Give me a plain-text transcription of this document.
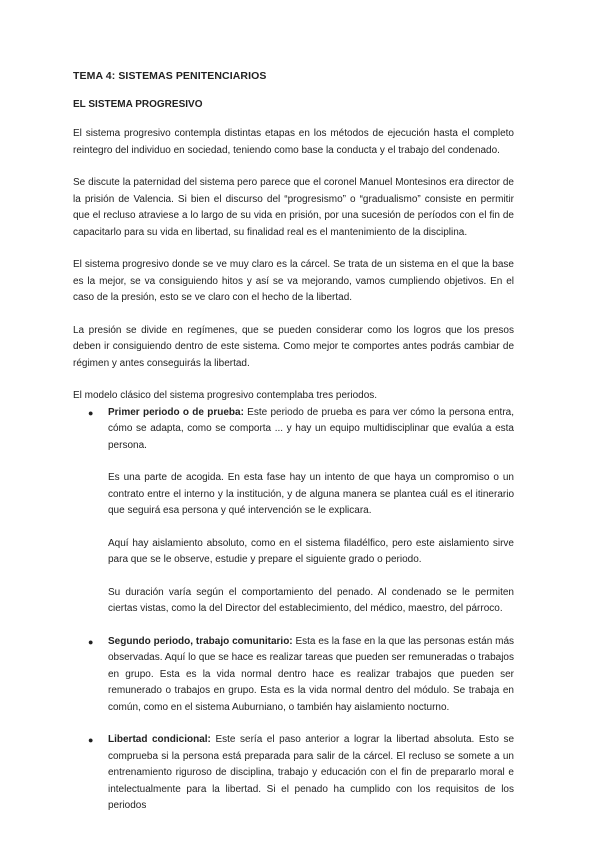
TEMA 4: SISTEMAS PENITENCIARIOS
EL SISTEMA PROGRESIVO

El sistema progresivo contempla distintas etapas en los métodos de ejecución hasta el completo reintegro del individuo en sociedad, teniendo como base la conducta y el trabajo del condenado.

Se discute la paternidad del sistema pero parece que el coronel Manuel Montesinos era director de la prisión de Valencia. Si bien el discurso del “progresismo” o “gradualismo” consiste en permitir que el recluso atraviese a lo largo de su vida en prisión, por una sucesión de períodos con el fin de capacitarlo para su vida en libertad, su finalidad real es el mantenimiento de la disciplina.

El sistema progresivo donde se ve muy claro es la cárcel. Se trata de un sistema en el que la base es la mejor, se va consiguiendo hitos y así se va mejorando, vamos cumpliendo objetivos. En el caso de la presión, esto se ve claro con el hecho de la libertad.

La presión se divide en regímenes, que se pueden considerar como los logros que los presos deben ir consiguiendo dentro de este sistema. Como mejor te comportes antes podrás cambiar de régimen y antes conseguirás la libertad.

El modelo clásico del sistema progresivo contemplaba tres periodos.

● Primer periodo o de prueba: Este periodo de prueba es para ver cómo la persona entra, cómo se adapta, como se comporta ... y hay un equipo multidisciplinar que evalúa a esta persona.

Es una parte de acogida. En esta fase hay un intento de que haya un compromiso o un contrato entre el interno y la institución, y de alguna manera se plantea cuál es el itinerario que seguirá esa persona y qué intervención se le explicara.

Aquí hay aislamiento absoluto, como en el sistema filadélfico, pero este aislamiento sirve para que se le observe, estudie y prepare el siguiente grado o periodo.

Su duración varía según el comportamiento del penado. Al condenado se le permiten ciertas vistas, como la del Director del establecimiento, del médico, maestro, del párroco.

● Segundo periodo, trabajo comunitario: Esta es la fase en la que las personas están más observadas. Aquí lo que se hace es realizar tareas que pueden ser remuneradas o trabajos en grupo. Esta es la vida normal dentro hace es realizar trabajos que pueden ser remunerado o trabajos en grupo. Esta es la vida normal dentro del módulo. Se trabaja en común, como en el sistema Auburniano, o también hay aislamiento nocturno.

● Libertad condicional: Este sería el paso anterior a lograr la libertad absoluta. Esto se comprueba si la persona está preparada para salir de la cárcel. El recluso se somete a un entrenamiento riguroso de disciplina, trabajo y educación con el fin de prepararlo moral e intelectualmente para la libertad. Si el penado ha cumplido con los requisitos de los periodos
